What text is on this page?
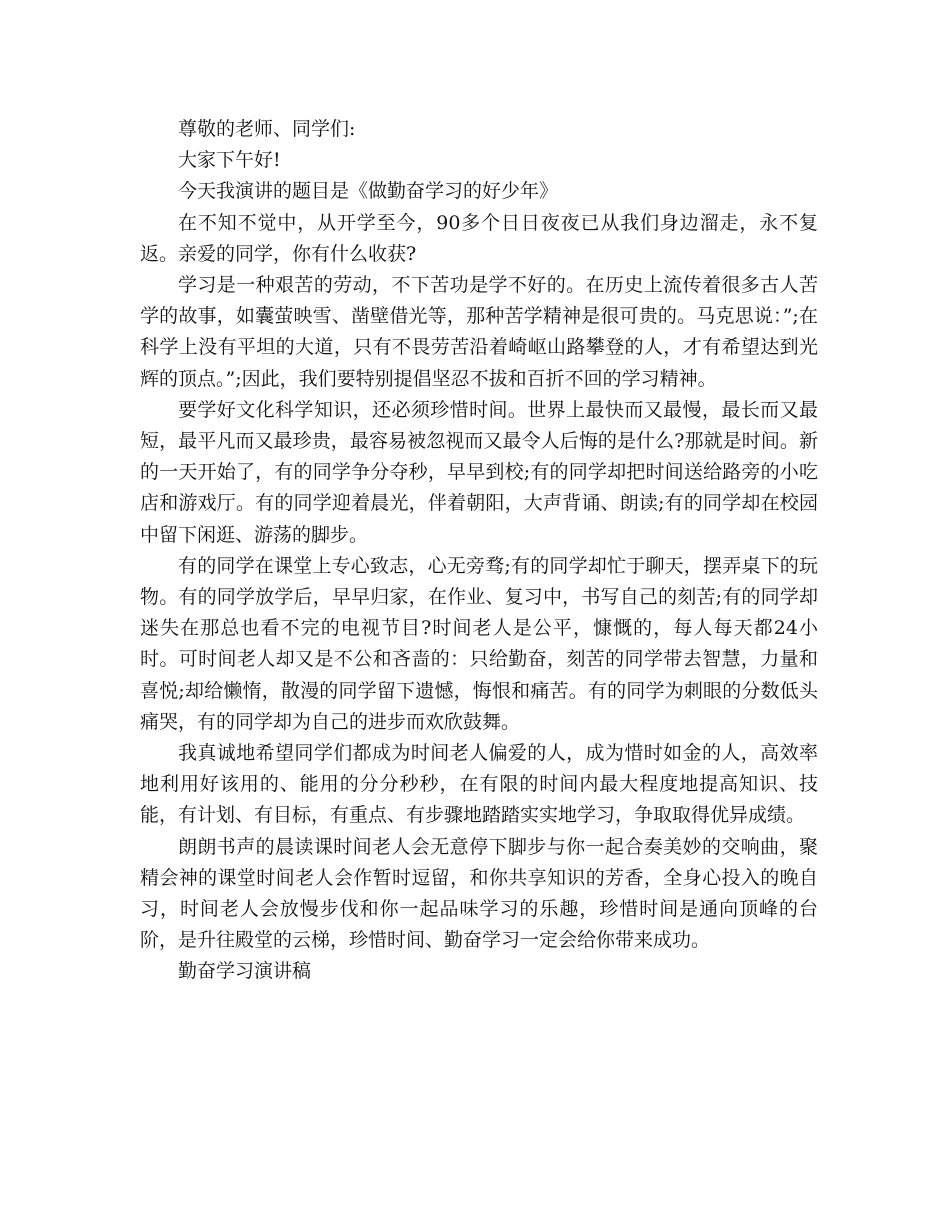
尊敬的老师、同学们:

大家下午好!

今天我演讲的题目是《做勤奋学习的好少年》

在不知不觉中，从开学至今，90多个日日夜夜已从我们身边溜走，永不复返。亲爱的同学，你有什么收获?

学习是一种艰苦的劳动，不下苦功是学不好的。在历史上流传着很多古人苦学的故事，如囊萤映雪、凿壁借光等，那种苦学精神是很可贵的。马克思说：”;在科学上没有平坦的大道，只有不畏劳苦沿着崎岖山路攀登的人，才有希望达到光辉的顶点。”;因此，我们要特别提倡坚忍不拔和百折不回的学习精神。

要学好文化科学知识，还必须珍惜时间。世界上最快而又最慢，最长而又最短，最平凡而又最珍贵，最容易被忽视而又最令人后悔的是什么?那就是时间。新的一天开始了，有的同学争分夺秒，早早到校;有的同学却把时间送给路旁的小吃店和游戏厅。有的同学迎着晨光，伴着朝阳，大声背诵、朗读;有的同学却在校园中留下闲逛、游荡的脚步。

有的同学在课堂上专心致志，心无旁骛;有的同学却忙于聊天，摆弄桌下的玩物。有的同学放学后，早早归家，在作业、复习中，书写自己的刻苦;有的同学却迷失在那总也看不完的电视节目?时间老人是公平，慷慨的，每人每天都24小时。可时间老人却又是不公和吝啬的：只给勤奋，刻苦的同学带去智慧，力量和喜悦;却给懒惰，散漫的同学留下遗憾，悔恨和痛苦。有的同学为刺眼的分数低头痛哭，有的同学却为自己的进步而欢欣鼓舞。

我真诚地希望同学们都成为时间老人偏爱的人，成为惜时如金的人，高效率地利用好该用的、能用的分分秒秒，在有限的时间内最大程度地提高知识、技能，有计划、有目标，有重点、有步骤地踏踏实实地学习，争取取得优异成绩。

朗朗书声的晨读课时间老人会无意停下脚步与你一起合奏美妙的交响曲，聚精会神的课堂时间老人会作暂时逗留，和你共享知识的芳香，全身心投入的晚自习，时间老人会放慢步伐和你一起品味学习的乐趣，珍惜时间是通向顶峰的台阶，是升往殿堂的云梯，珍惜时间、勤奋学习一定会给你带来成功。

勤奋学习演讲稿
